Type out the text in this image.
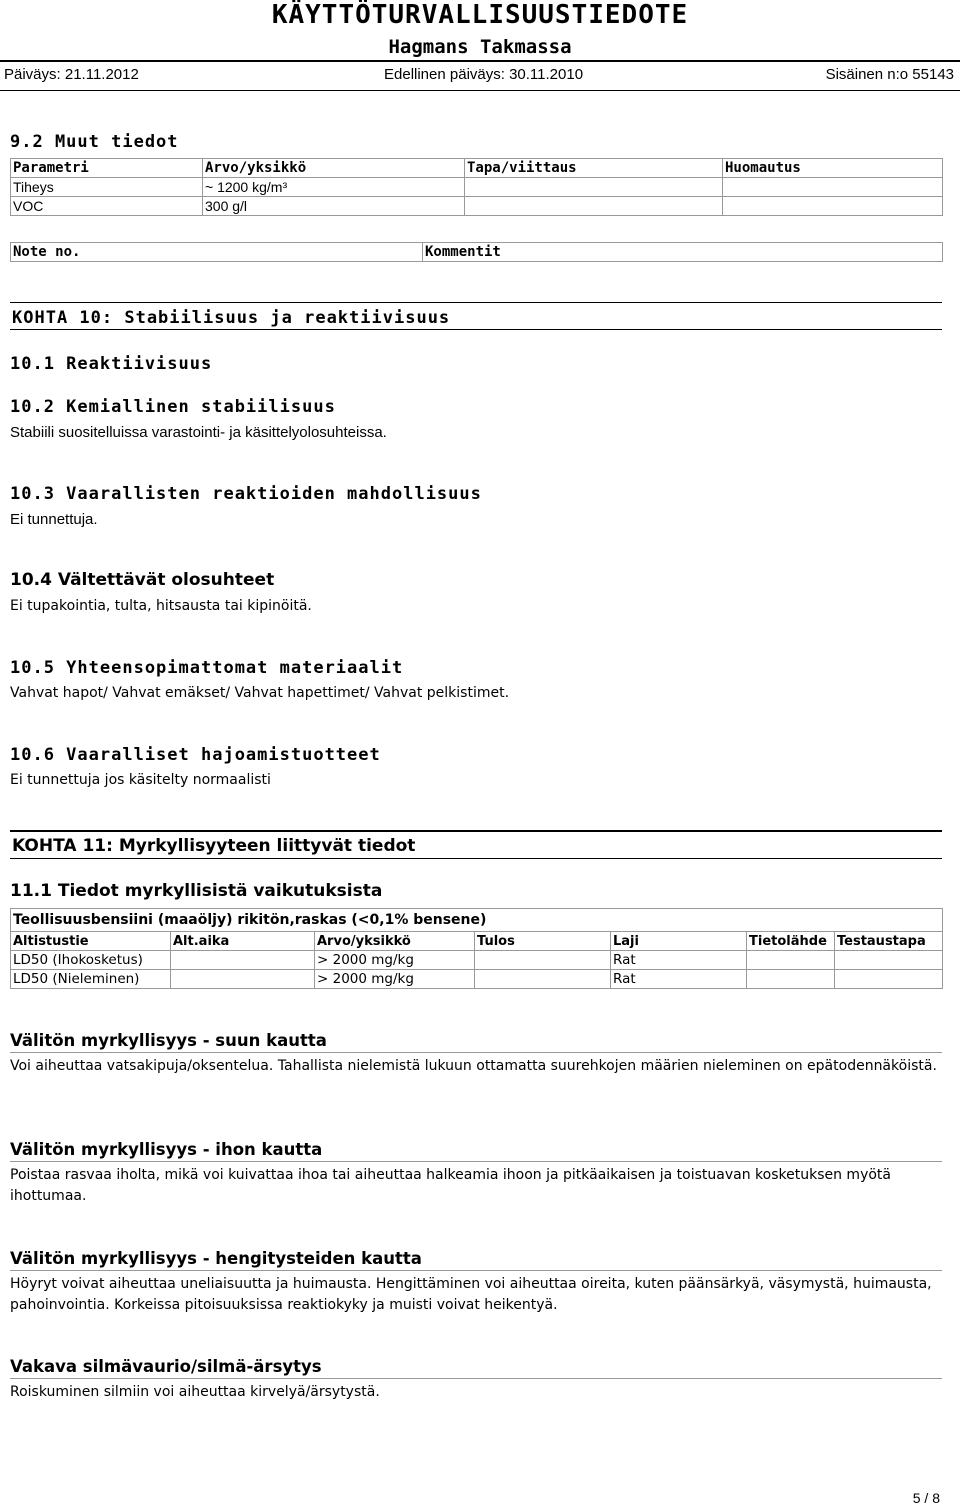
KÄYTTÖTURVALLISUUSTIEDOTE
Hagmans Takmassa
Päiväys: 21.11.2012	Edellinen päiväys: 30.11.2010	Sisäinen n:o 55143
9.2 Muut tiedot
Parametri	Arvo/yksikkö	Tapa/viittaus	Huomautus
Tiheys	~ 1200 kg/m³		
VOC	300 g/l		
Note no.	Kommentit
KOHTA 10: Stabiilisuus ja reaktiivisuus
10.1 Reaktiivisuus
10.2 Kemiallinen stabiilisuus
Stabiili suositelluissa varastointi- ja käsittelyolosuhteissa.
10.3 Vaarallisten reaktioiden mahdollisuus
Ei tunnettuja.
10.4 Vältettävät olosuhteet
Ei tupakointia, tulta, hitsausta tai kipinöitä.
10.5 Yhteensopimattomat materiaalit
Vahvat hapot/ Vahvat emäkset/ Vahvat hapettimet/ Vahvat pelkistimet.
10.6 Vaaralliset hajoamistuotteet
Ei tunnettuja jos käsitelty normaalisti
KOHTA 11: Myrkyllisyyteen liittyvät tiedot
11.1 Tiedot myrkyllisistä vaikutuksista
Teollisuusbensiini (maaöljy) rikitön,raskas (<0,1% bensene)						
Altistustie	Alt.aika	Arvo/yksikkö	Tulos	Laji	Tietolähde	Testaustapa
LD50 (Ihokosketus)		> 2000 mg/kg		Rat		
LD50 (Nieleminen)		> 2000 mg/kg		Rat		
Välitön myrkyllisyys - suun kautta
Voi aiheuttaa vatsakipuja/oksentelua. Tahallista nielemistä lukuun ottamatta suurehkojen määrien nieleminen on epätodennäköistä.
Välitön myrkyllisyys - ihon kautta
Poistaa rasvaa iholta, mikä voi kuivattaa ihoa tai aiheuttaa halkeamia ihoon ja pitkäaikaisen ja toistuavan kosketuksen myötä ihottumaa.
Välitön myrkyllisyys - hengitysteiden kautta
Höyryt voivat aiheuttaa uneliaisuutta ja huimausta. Hengittäminen voi aiheuttaa oireita, kuten päänsärkyä, väsymystä, huimausta, pahoinvointia. Korkeissa pitoisuuksissa reaktiokyky ja muisti voivat heikentyä.
Vakava silmävaurio/silmä-ärsytys
Roiskuminen silmiin voi aiheuttaa kirvelyä/ärsytystä.
5 / 8
